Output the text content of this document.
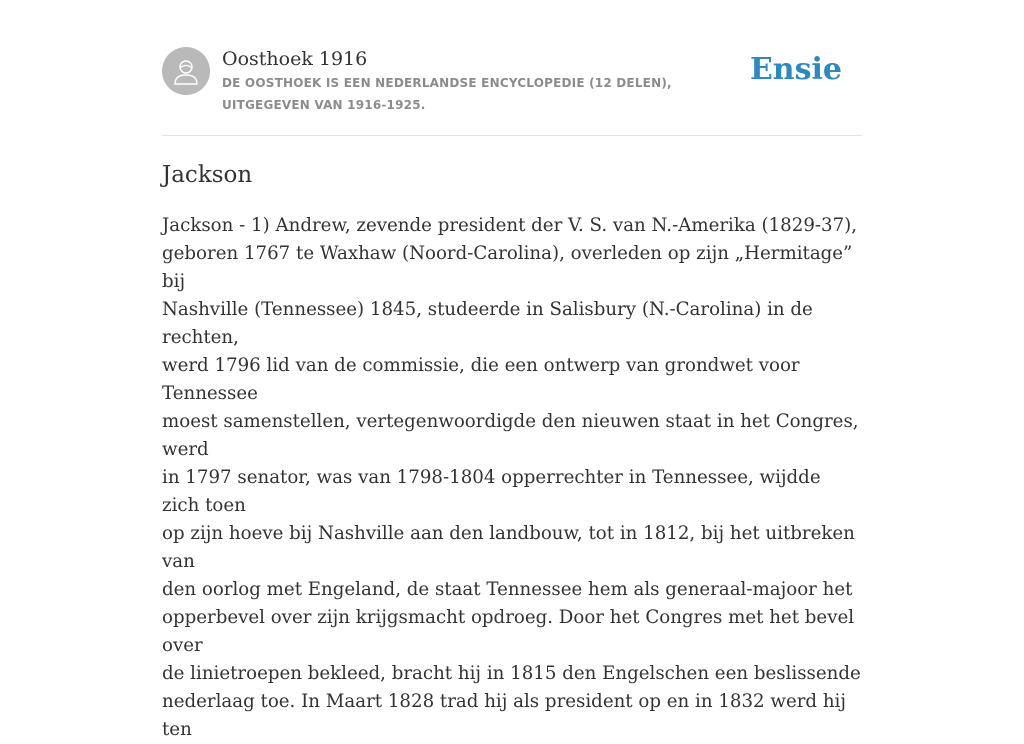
Oosthoek 1916
DE OOSTHOEK IS EEN NEDERLANDSE ENCYCLOPEDIE (12 DELEN), UITGEGEVEN VAN 1916-1925.
Ensie
Jackson

Jackson - 1) Andrew, zevende president der V. S. van N.-Amerika (1829-37),
geboren 1767 te Waxhaw (Noord-Carolina), overleden op zijn „Hermitage” bij
Nashville (Tennessee) 1845, studeerde in Salisbury (N.-Carolina) in de rechten,
werd 1796 lid van de commissie, die een ontwerp van grondwet voor Tennessee
moest samenstellen, vertegenwoordigde den nieuwen staat in het Congres, werd
in 1797 senator, was van 1798-1804 opperrechter in Tennessee, wijdde zich toen
op zijn hoeve bij Nashville aan den landbouw, tot in 1812, bij het uitbreken van
den oorlog met Engeland, de staat Tennessee hem als generaal-majoor het
opperbevel over zijn krijgsmacht opdroeg. Door het Congres met het bevel over
de linietroepen bekleed, bracht hij in 1815 den Engelschen een beslissende
nederlaag toe. In Maart 1828 trad hij als president op en in 1832 werd hij ten
